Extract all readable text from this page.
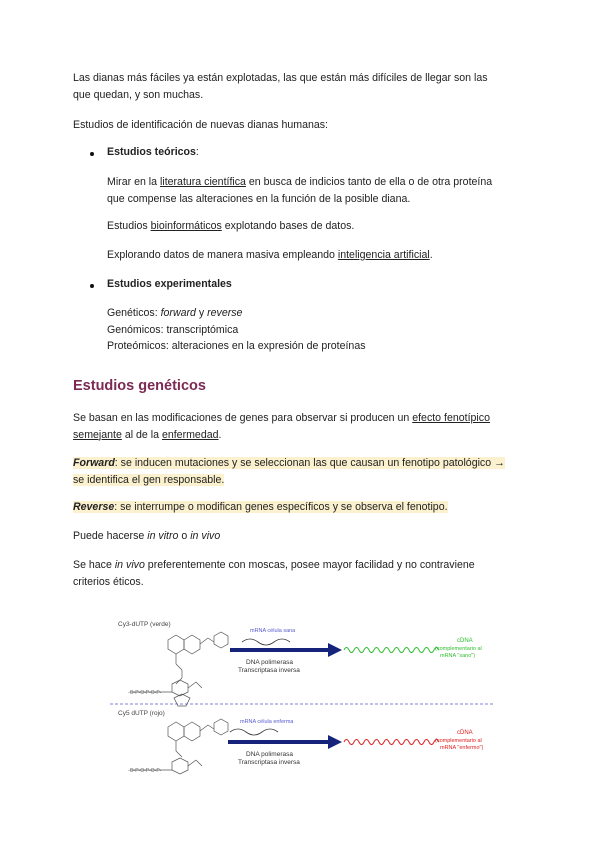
Las dianas más fáciles ya están explotadas, las que están más difíciles de llegar son las
que quedan, y son muchas.

Estudios de identificación de nuevas dianas humanas:

Estudios teóricos:

Mirar en la literatura científica en busca de indicios tanto de ella o de otra proteína
que compense las alteraciones en la función de la posible diana.

Estudios bioinformáticos explotando bases de datos.

Explorando datos de manera masiva empleando inteligencia artificial.

Estudios experimentales

Genéticos: forward y reverse
Genómicos: transcriptómica
Proteómicos: alteraciones en la expresión de proteínas

Estudios genéticos

Se basan en las modificaciones de genes para observar si producen un efecto fenotípico
semejante al de la enfermedad.

Forward: se inducen mutaciones y se seleccionan las que causan un fenotipo patológico →
se identifica el gen responsable.

Reverse: se interrumpe o modifican genes específicos y se observa el fenotipo.

Puede hacerse in vitro o in vivo

Se hace in vivo preferentemente con moscas, posee mayor facilidad y no contraviene
criterios éticos.

Cy3-dUTP (verde)
Cy5 dUTP (rojo)
‑O‑P‑O‑P‑O‑P‑
‑O‑P‑O‑P‑O‑P‑
mRNA célula sana
DNA polimerasa
Transcriptasa inversa
cDNA
(complementario al
mRNA "sano")
mRNA célula enferma
DNA polimerasa
Transcriptasa inversa
cDNA
(complementario al
mRNA "enfermo")
